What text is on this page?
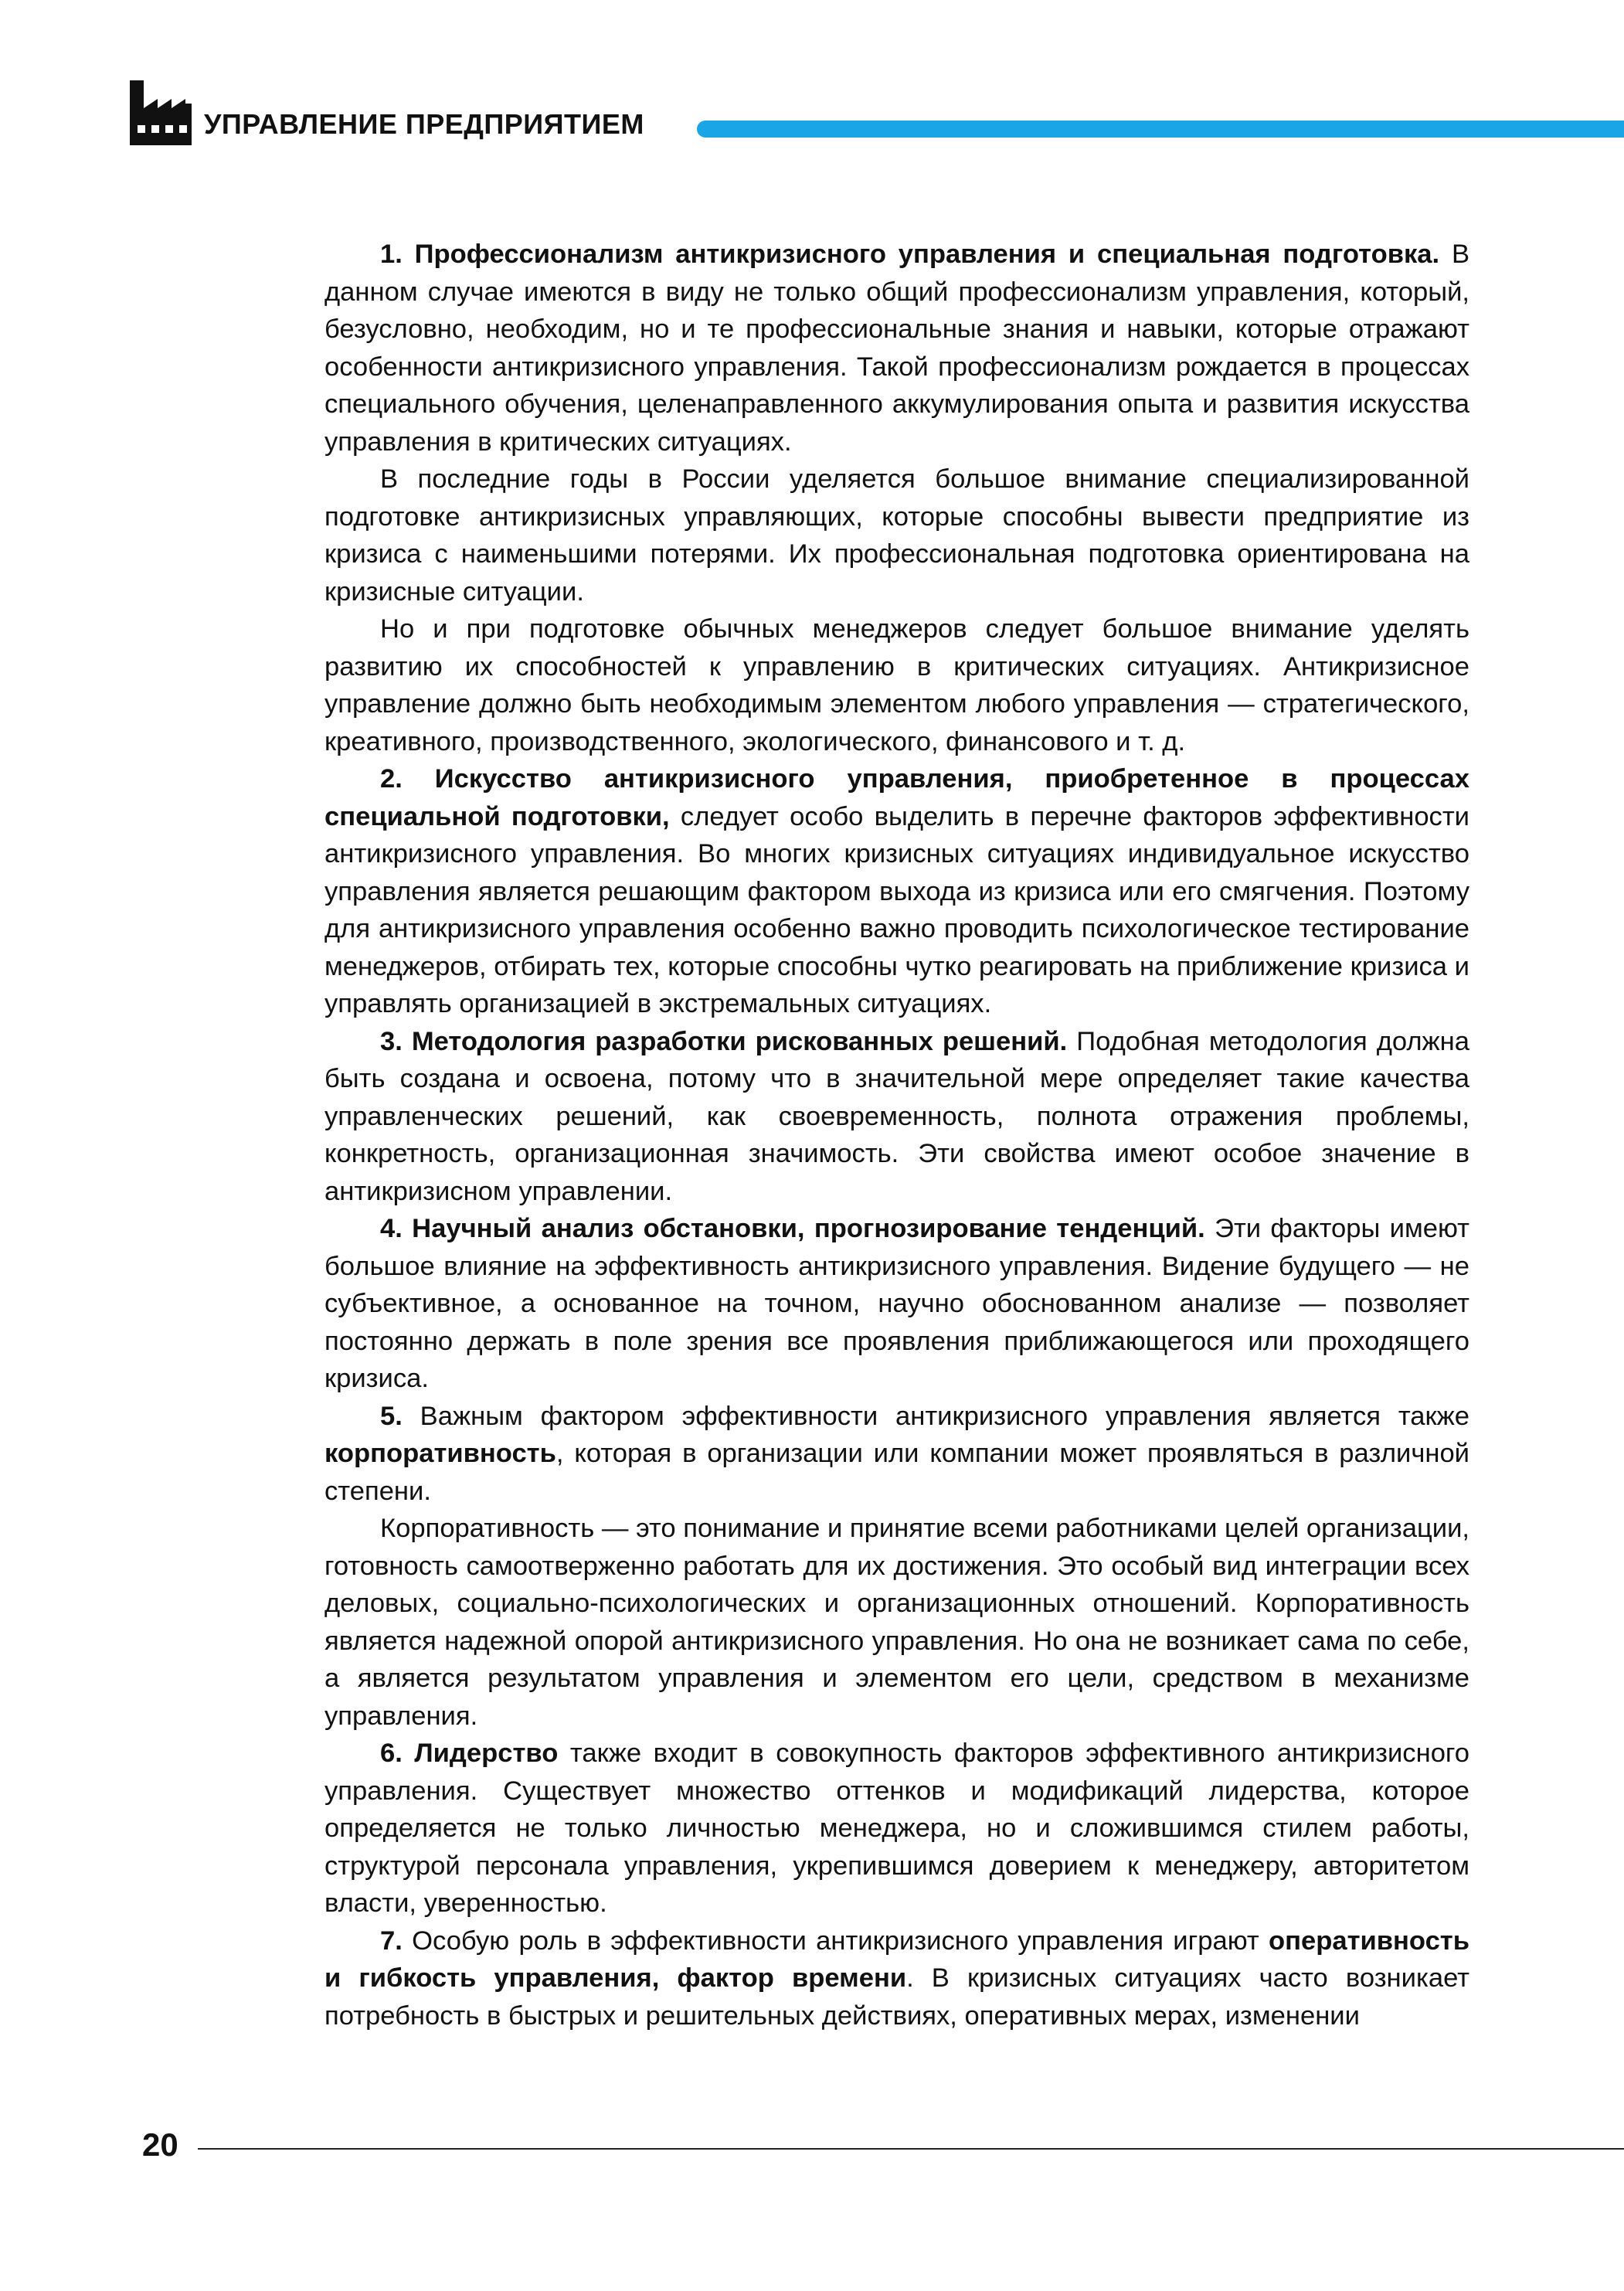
УПРАВЛЕНИЕ ПРЕДПРИЯТИЕМ

1. Профессионализм антикризисного управления и специальная подготовка. В данном случае имеются в виду не только общий профессионализм управления, который, безусловно, необходим, но и те профессиональные знания и навыки, которые отражают особенности антикризисного управления. Такой профессионализм рождается в процессах специального обучения, целенаправленного аккумулирования опыта и развития искусства управления в критических ситуациях.

В последние годы в России уделяется большое внимание специализированной подготовке антикризисных управляющих, которые способны вывести предприятие из кризиса с наименьшими потерями. Их профессиональная подготовка ориентирована на кризисные ситуации.

Но и при подготовке обычных менеджеров следует большое внимание уделять развитию их способностей к управлению в критических ситуациях. Антикризисное управление должно быть необходимым элементом любого управления — стратегического, креативного, производственного, экологического, финансового и т. д.

2. Искусство антикризисного управления, приобретенное в процессах специальной подготовки, следует особо выделить в перечне факторов эффективности антикризисного управления. Во многих кризисных ситуациях индивидуальное искусство управления является решающим фактором выхода из кризиса или его смягчения. Поэтому для антикризисного управления особенно важно проводить психологическое тестирование менеджеров, отбирать тех, которые способны чутко реагировать на приближение кризиса и управлять организацией в экстремальных ситуациях.

3. Методология разработки рискованных решений. Подобная методология должна быть создана и освоена, потому что в значительной мере определяет такие качества управленческих решений, как своевременность, полнота отражения проблемы, конкретность, организационная значимость. Эти свойства имеют особое значение в антикризисном управлении.

4. Научный анализ обстановки, прогнозирование тенденций. Эти факторы имеют большое влияние на эффективность антикризисного управления. Видение будущего — не субъективное, а основанное на точном, научно обоснованном анализе — позволяет постоянно держать в поле зрения все проявления приближающегося или проходящего кризиса.

5. Важным фактором эффективности антикризисного управления является также корпоративность, которая в организации или компании может проявляться в различной степени.

Корпоративность — это понимание и принятие всеми работниками целей организации, готовность самоотверженно работать для их достижения. Это особый вид интеграции всех деловых, социально-психологических и организационных отношений. Корпоративность является надежной опорой антикризисного управления. Но она не возникает сама по себе, а является результатом управления и элементом его цели, средством в механизме управления.

6. Лидерство также входит в совокупность факторов эффективного антикризисного управления. Существует множество оттенков и модификаций лидерства, которое определяется не только личностью менеджера, но и сложившимся стилем работы, структурой персонала управления, укрепившимся доверием к менеджеру, авторитетом власти, уверенностью.

7. Особую роль в эффективности антикризисного управления играют оперативность и гибкость управления, фактор времени. В кризисных ситуациях часто возникает потребность в быстрых и решительных действиях, оперативных мерах, изменении

20
